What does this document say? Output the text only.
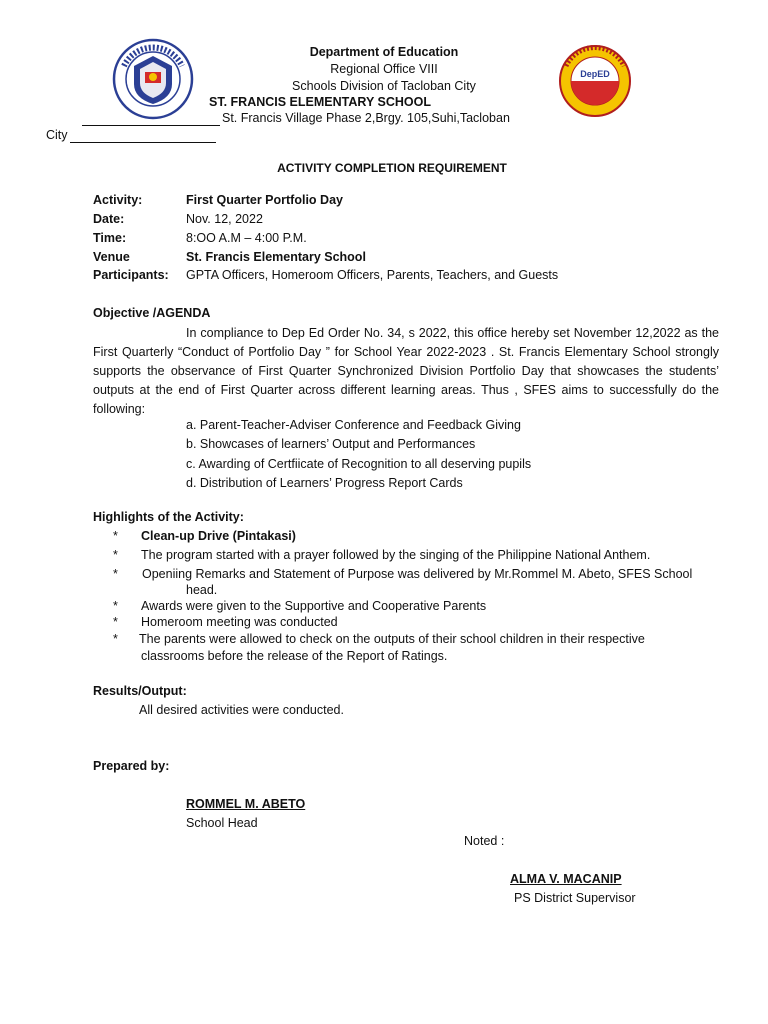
DepED
Department of Education
Regional Office VIII
Schools Division of Tacloban City
ST. FRANCIS ELEMENTARY SCHOOL
St. Francis Village Phase 2,Brgy. 105,Suhi,Tacloban
City
ACTIVITY COMPLETION REQUIREMENT
Activity:	First Quarter Portfolio Day
Date:	Nov. 12, 2022
Time:	8:OO A.M – 4:00 P.M.
Venue	St. Francis Elementary School
Participants: GPTA Officers, Homeroom Officers, Parents, Teachers, and Guests
Objective /AGENDA
In compliance to Dep Ed Order No. 34, s 2022, this office hereby set November 12,2022 as the First Quarterly “Conduct of Portfolio Day ” for School Year 2022-2023 . St. Francis Elementary School strongly supports the observance of First Quarter Synchronized Division Portfolio Day that showcases the students’ outputs at the end of First Quarter across different learning areas. Thus , SFES aims to successfully do the following:
a. Parent-Teacher-Adviser Conference and Feedback Giving
b. Showcases of learners’ Output and Performances
c. Awarding of Certfiicate of Recognition to all deserving pupils
d. Distribution of Learners’ Progress Report Cards
Highlights of the Activity:
* Clean-up Drive (Pintakasi)
* The program started with a prayer followed by the singing of the Philippine National Anthem.
* Openiing Remarks and Statement of Purpose was delivered by Mr.Rommel M. Abeto, SFES School
head.
* Awards were given to the Supportive and Cooperative Parents
* Homeroom meeting was conducted
* The parents were allowed to check on the outputs of their school children in their respective
classrooms before the release of the Report of Ratings.
Results/Output:
All desired activities were conducted.
Prepared by:
ROMMEL M. ABETO
School Head
Noted :
ALMA V. MACANIP
PS District Supervisor
